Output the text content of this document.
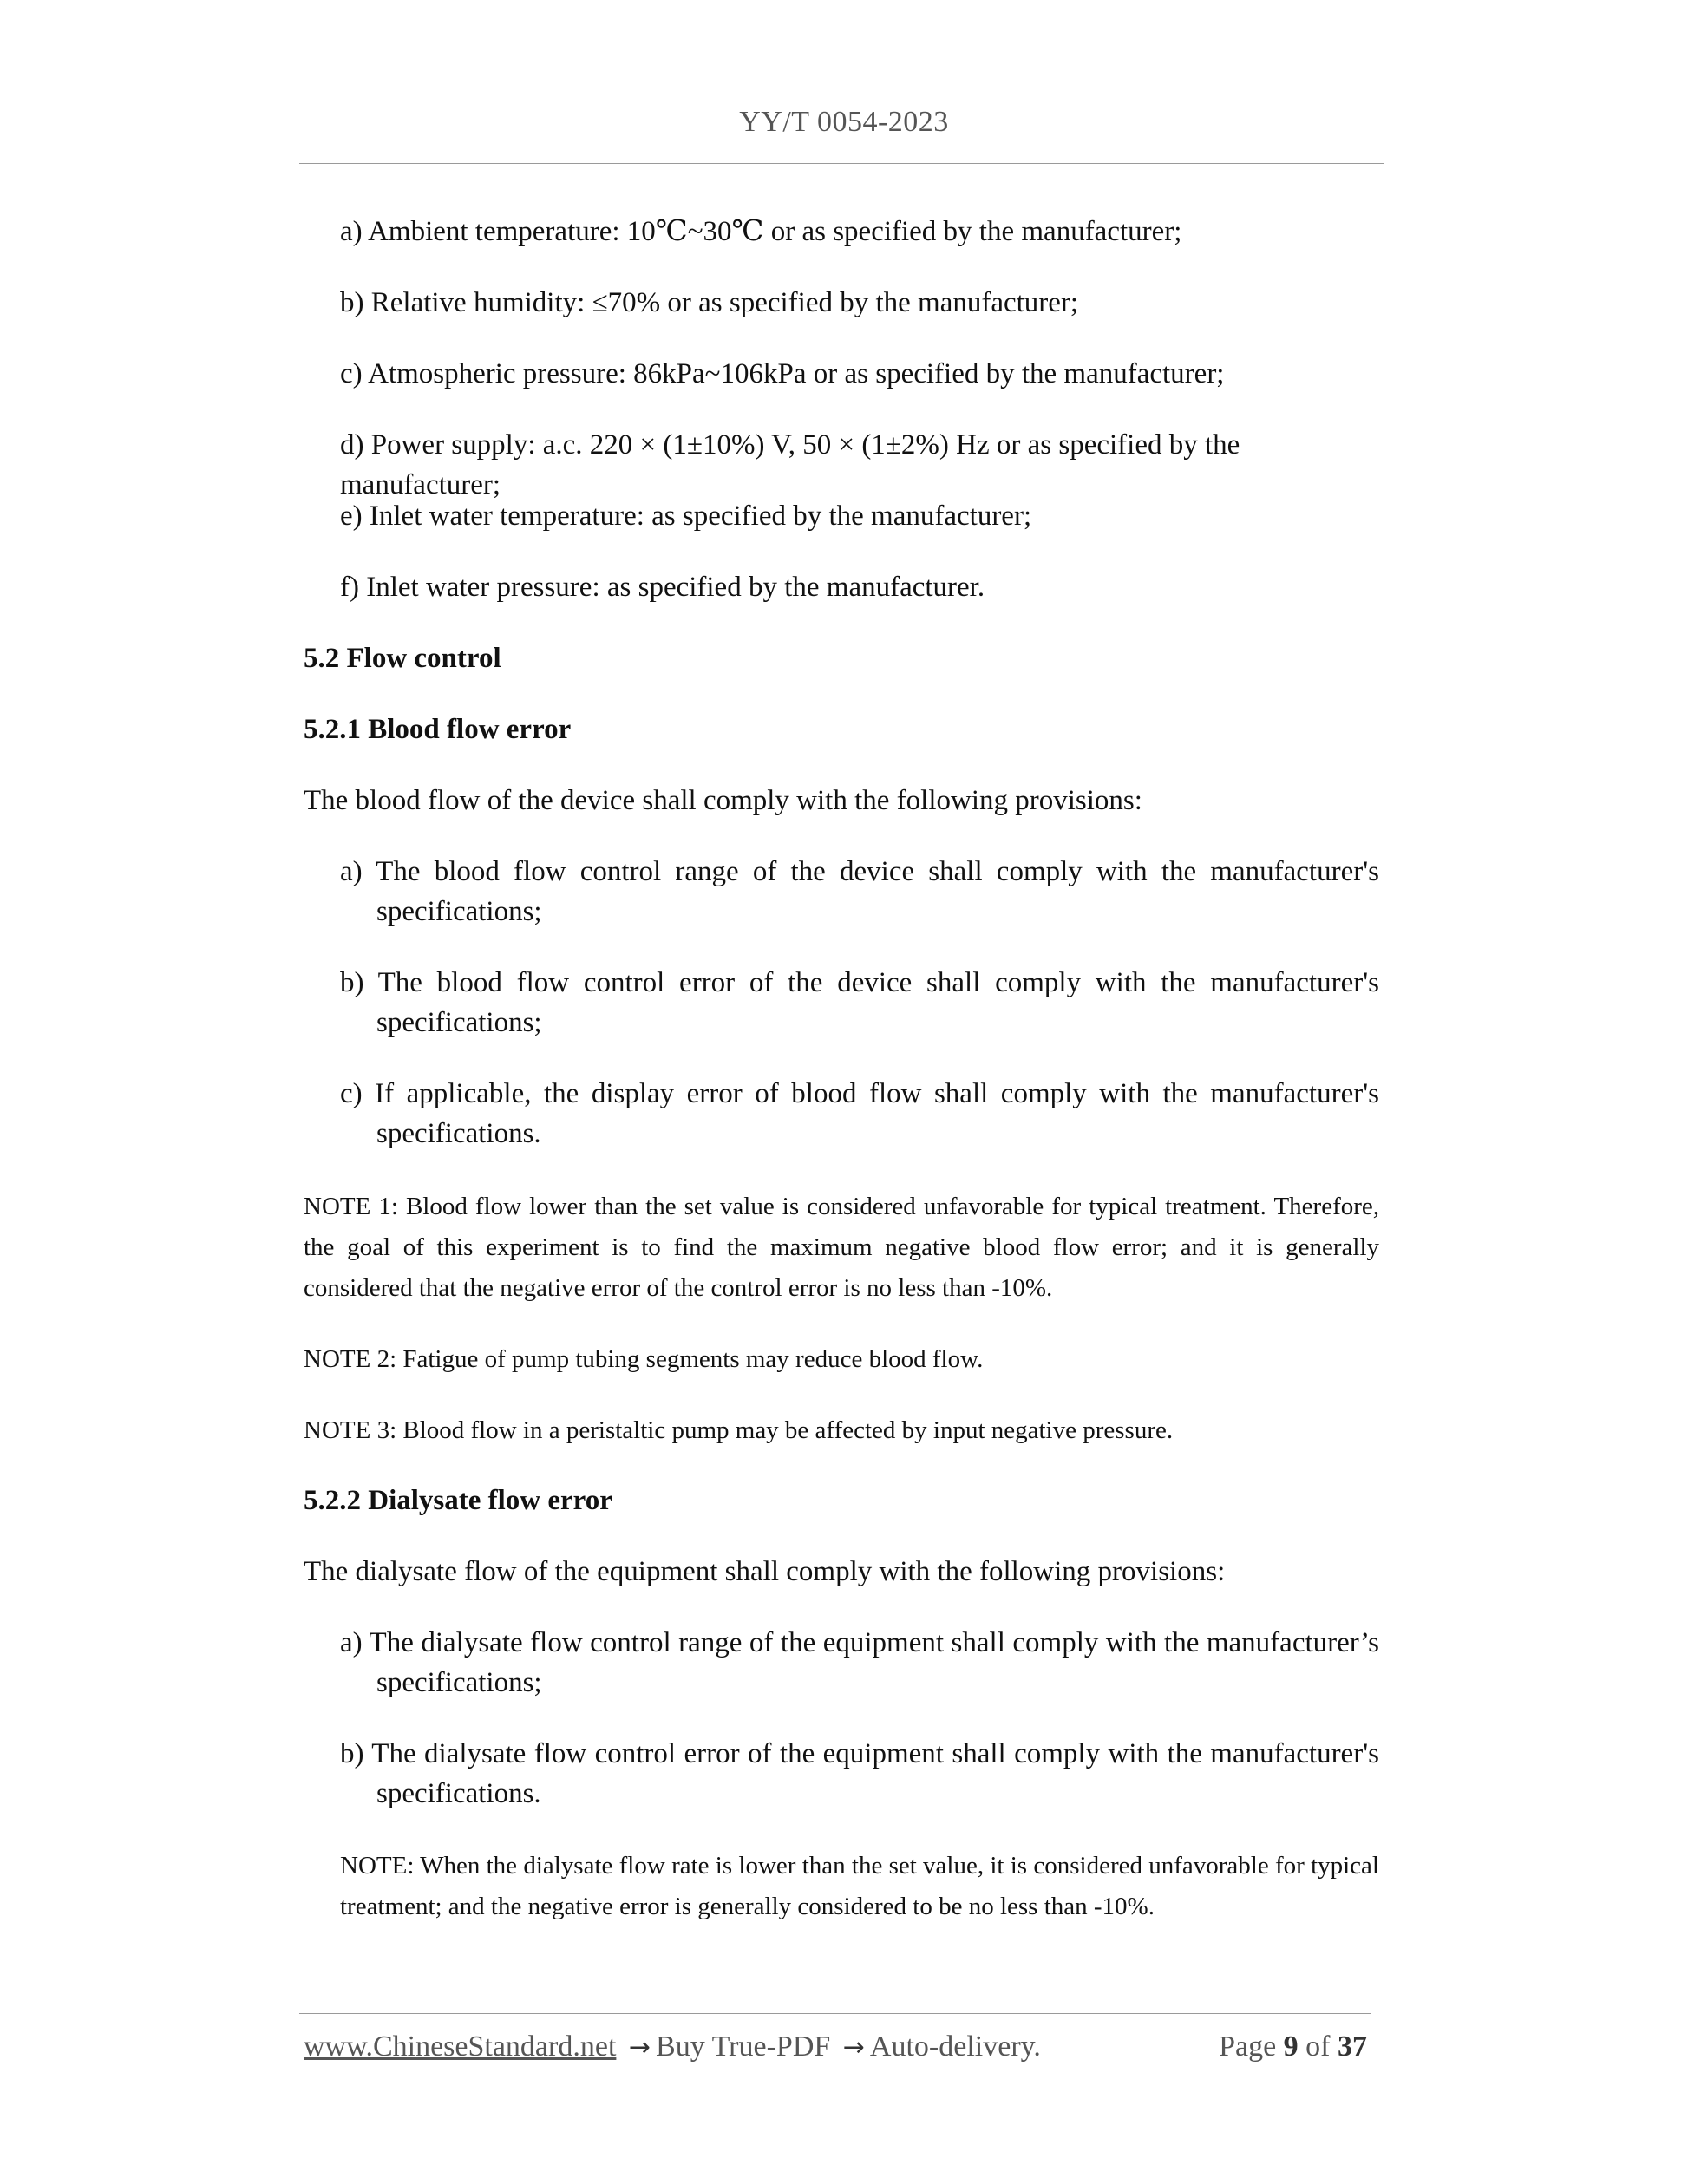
YY/T 0054-2023
a) Ambient temperature: 10℃~30℃ or as specified by the manufacturer;
b) Relative humidity: ≤70% or as specified by the manufacturer;
c) Atmospheric pressure: 86kPa~106kPa or as specified by the manufacturer;
d) Power supply: a.c. 220 × (1±10%) V, 50 × (1±2%) Hz or as specified by the manufacturer;
e) Inlet water temperature: as specified by the manufacturer;
f) Inlet water pressure: as specified by the manufacturer.
5.2 Flow control
5.2.1 Blood flow error
The blood flow of the device shall comply with the following provisions:
a) The blood flow control range of the device shall comply with the manufacturer's specifications;
b) The blood flow control error of the device shall comply with the manufacturer's specifications;
c) If applicable, the display error of blood flow shall comply with the manufacturer's specifications.
NOTE 1: Blood flow lower than the set value is considered unfavorable for typical treatment. Therefore, the goal of this experiment is to find the maximum negative blood flow error; and it is generally considered that the negative error of the control error is no less than -10%.
NOTE 2: Fatigue of pump tubing segments may reduce blood flow.
NOTE 3: Blood flow in a peristaltic pump may be affected by input negative pressure.
5.2.2 Dialysate flow error
The dialysate flow of the equipment shall comply with the following provisions:
a) The dialysate flow control range of the equipment shall comply with the manufacturer’s specifications;
b) The dialysate flow control error of the equipment shall comply with the manufacturer's specifications.
NOTE: When the dialysate flow rate is lower than the set value, it is considered unfavorable for typical treatment; and the negative error is generally considered to be no less than -10%.
www.ChineseStandard.net → Buy True-PDF → Auto-delivery.	Page 9 of 37
